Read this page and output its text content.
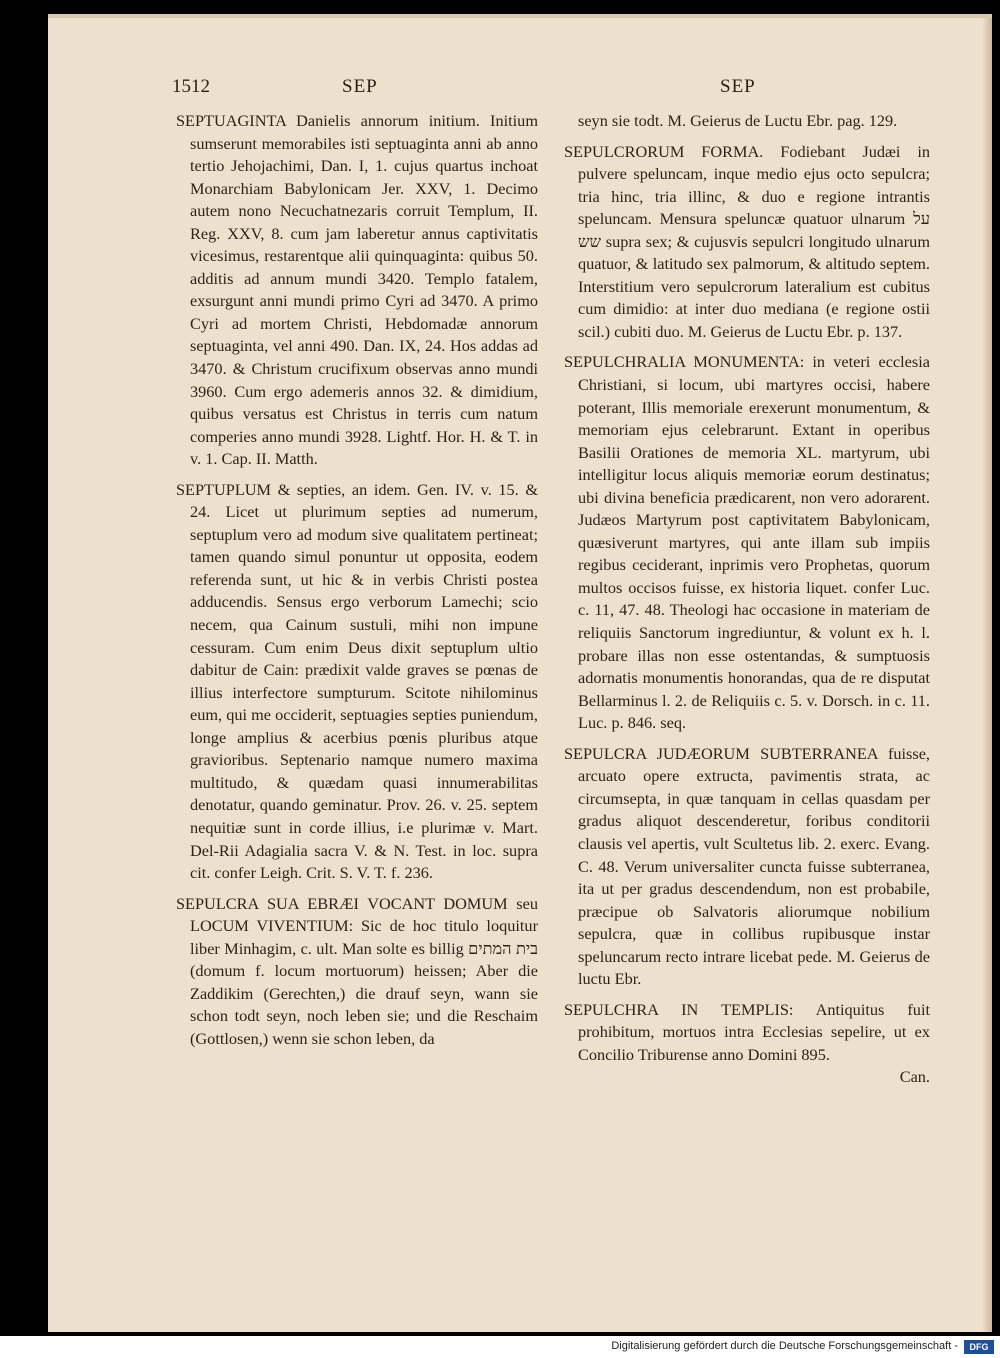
1512	SEP	SEP

SEPTUAGINTA Danielis annorum initium. Initium sumserunt memorabiles isti septuaginta anni ab anno tertio Jehojachimi, Dan. I, 1. cujus quartus inchoat Monarchiam Babylonicam Jer. XXV, 1. Decimo autem nono Necuchatnezaris corruit Templum, II. Reg. XXV, 8. cum jam laberetur annus captivitatis vicesimus, restarentque alii quinquaginta: quibus 50. additis ad annum mundi 3420. Templo fatalem, exsurgunt anni mundi primo Cyri ad 3470. A primo Cyri ad mortem Christi, Hebdomadæ annorum septuaginta, vel anni 490. Dan. IX, 24. Hos addas ad 3470. & Christum crucifixum observas anno mundi 3960. Cum ergo ademeris annos 32. & dimidium, quibus versatus est Christus in terris cum natum comperies anno mundi 3928. Lightf. Hor. H. & T. in v. 1. Cap. II. Matth.

SEPTUPLUM & septies, an idem. Gen. IV. v. 15. & 24. Licet ut plurimum septies ad numerum, septuplum vero ad modum sive qualitatem pertineat; tamen quando simul ponuntur ut opposita, eodem referenda sunt, ut hic & in verbis Christi postea adducendis. Sensus ergo verborum Lamechi; scio necem, qua Cainum sustuli, mihi non impune cessuram. Cum enim Deus dixit septuplum ultio dabitur de Cain: prædixit valde graves se pœnas de illius interfectore sumpturum. Scitote nihilominus eum, qui me occiderit, septuagies septies puniendum, longe amplius & acerbius pœnis pluribus atque gravioribus. Septenario namque numero maxima multitudo, & quædam quasi innumerabilitas denotatur, quando geminatur. Prov. 26. v. 25. septem nequitiæ sunt in corde illius, i.e plurimæ v. Mart. Del-Rii Adagialia sacra V. & N. Test. in loc. supra cit. confer Leigh. Crit. S. V. T. f. 236.

SEPULCRA SUA EBRÆI VOCANT DOMUM seu LOCUM VIVENTIUM: Sic de hoc titulo loquitur liber Minhagim, c. ult. Man solte es billig בית המתים (domum f. locum mortuorum) heissen; Aber die Zaddikim (Gerechten,) die drauf seyn, wann sie schon todt seyn, noch leben sie; und die Reschaim (Gottlosen,) wenn sie schon leben, da

seyn sie todt. M. Geierus de Luctu Ebr. pag. 129.

SEPULCRORUM FORMA. Fodiebant Judæi in pulvere speluncam, inque medio ejus octo sepulcra; tria hinc, tria illinc, & duo e regione intrantis speluncam. Mensura speluncæ quatuor ulnarum על שש supra sex; & cujusvis sepulcri longitudo ulnarum quatuor, & latitudo sex palmorum, & altitudo septem. Interstitium vero sepulcrorum lateralium est cubitus cum dimidio: at inter duo mediana (e regione ostii scil.) cubiti duo. M. Geierus de Luctu Ebr. p. 137.

SEPULCHRALIA MONUMENTA: in veteri ecclesia Christiani, si locum, ubi martyres occisi, habere poterant, Illis memoriale erexerunt monumentum, & memoriam ejus celebrarunt. Extant in operibus Basilii Orationes de memoria XL. martyrum, ubi intelligitur locus aliquis memoriæ eorum destinatus; ubi divina beneficia prædicarent, non vero adorarent. Judæos Martyrum post captivitatem Babylonicam, quæsiverunt martyres, qui ante illam sub impiis regibus ceciderant, inprimis vero Prophetas, quorum multos occisos fuisse, ex historia liquet. confer Luc. c. 11, 47. 48. Theologi hac occasione in materiam de reliquiis Sanctorum ingrediuntur, & volunt ex h. l. probare illas non esse ostentandas, & sumptuosis adornatis monumentis honorandas, qua de re disputat Bellarminus l. 2. de Reliquiis c. 5. v. Dorsch. in c. 11. Luc. p. 846. seq.

SEPULCRA JUDÆORUM SUBTERRANEA fuisse, arcuato opere extructa, pavimentis strata, ac circumsepta, in quæ tanquam in cellas quasdam per gradus aliquot descenderetur, foribus conditorii clausis vel apertis, vult Scultetus lib. 2. exerc. Evang. C. 48. Verum universaliter cuncta fuisse subterranea, ita ut per gradus descendendum, non est probabile, præcipue ob Salvatoris aliorumque nobilium sepulcra, quæ in collibus rupibusque instar speluncarum recto intrare licebat pede. M. Geierus de luctu Ebr.

SEPULCHRA IN TEMPLIS: Antiquitus fuit prohibitum, mortuos intra Ecclesias sepelire, ut ex Concilio Triburense anno Domini 895.

Can.

Digitalisierung gefördert durch die Deutsche Forschungsgemeinschaft -	DFG
